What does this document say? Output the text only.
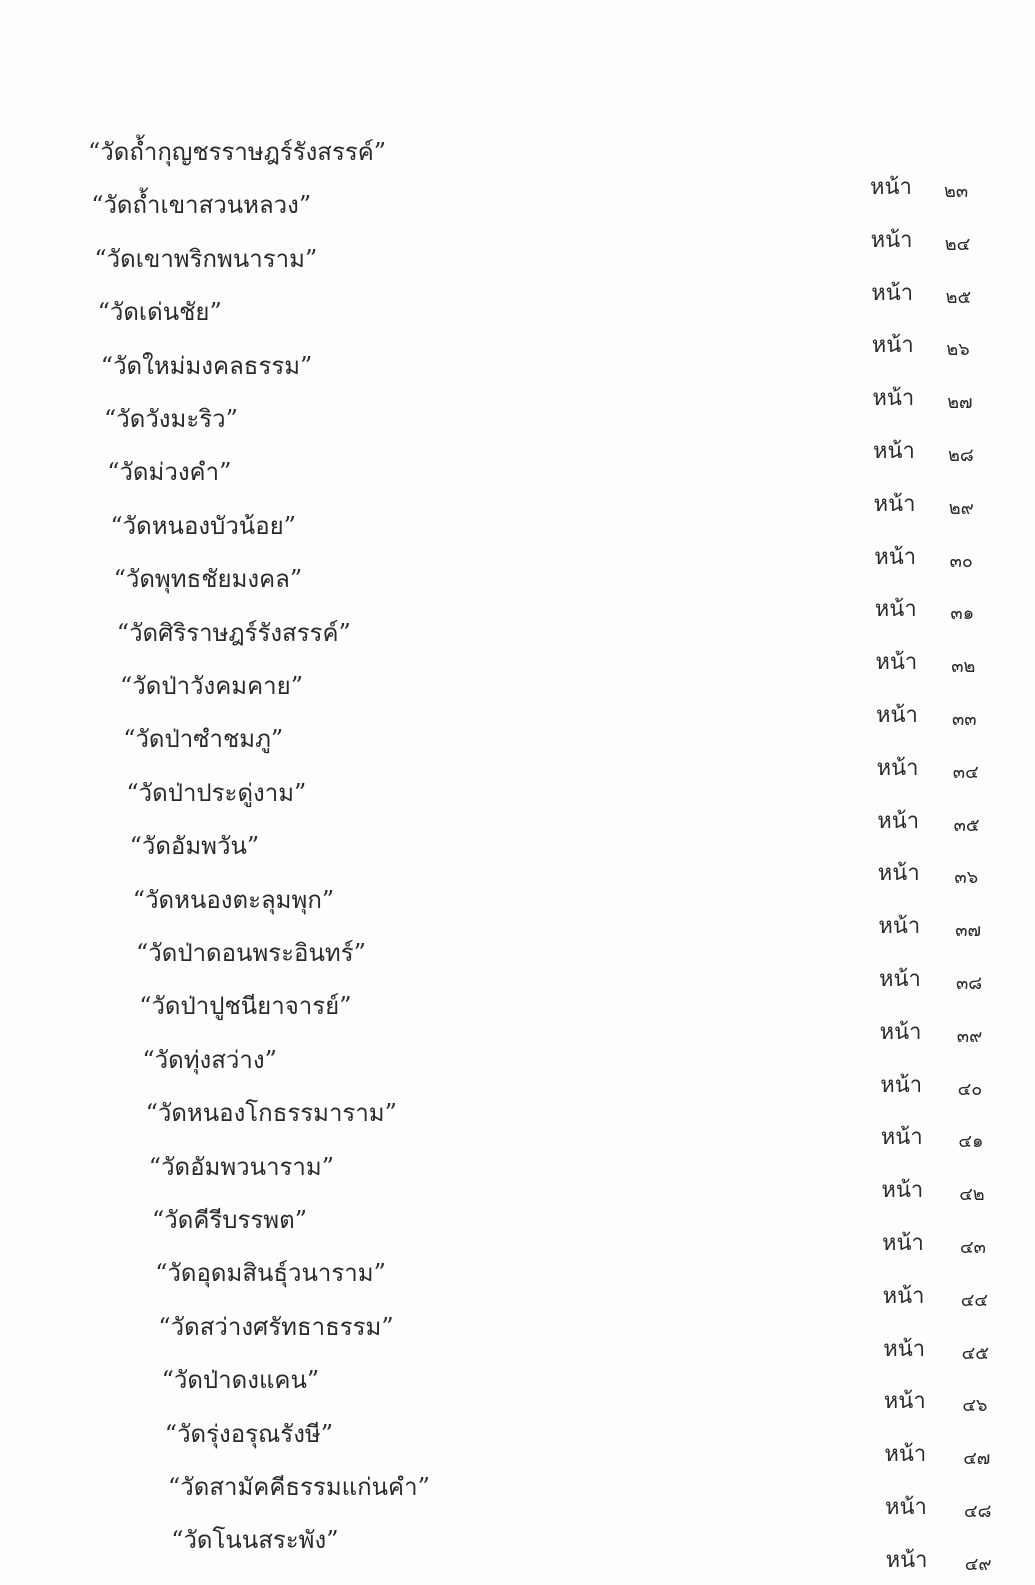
“วัดถ้ำกุญชรราษฎร์รังสรรค์”
“วัดถ้ำเขาสวนหลวง”
หน้า ๒๓
“วัดเขาพริกพนาราม”
หน้า ๒๔
“วัดเด่นชัย”
หน้า ๒๕
“วัดใหม่มงคลธรรม”
หน้า ๒๖
“วัดวังมะริว”
หน้า ๒๗
“วัดม่วงคำ”
หน้า ๒๘
“วัดหนองบัวน้อย”
หน้า ๒๙
“วัดพุทธชัยมงคล”
หน้า ๓๐
“วัดศิริราษฎร์รังสรรค์”
หน้า ๓๑
“วัดป่าวังคมคาย”
หน้า ๓๒
“วัดป่าซำชมภู”
หน้า ๓๓
“วัดป่าประดู่งาม”
หน้า ๓๔
“วัดอัมพวัน”
หน้า ๓๕
“วัดหนองตะลุมพุก”
หน้า ๓๖
“วัดป่าดอนพระอินทร์”
หน้า ๓๗
“วัดป่าปูชนียาจารย์”
หน้า ๓๘
“วัดทุ่งสว่าง”
หน้า ๓๙
“วัดหนองโกธรรมาราม”
หน้า ๔๐
“วัดอัมพวนาราม”
หน้า ๔๑
“วัดคีรีบรรพต”
หน้า ๔๒
“วัดอุดมสินธุ์วนาราม”
หน้า ๔๓
“วัดสว่างศรัทธาธรรม”
หน้า ๔๔
“วัดป่าดงแคน”
หน้า ๔๕
“วัดรุ่งอรุณรังษี”
หน้า ๔๖
“วัดสามัคคีธรรมแก่นคำ”
หน้า ๔๗
“วัดโนนสระพัง”
หน้า ๔๘
หน้า ๔๙
